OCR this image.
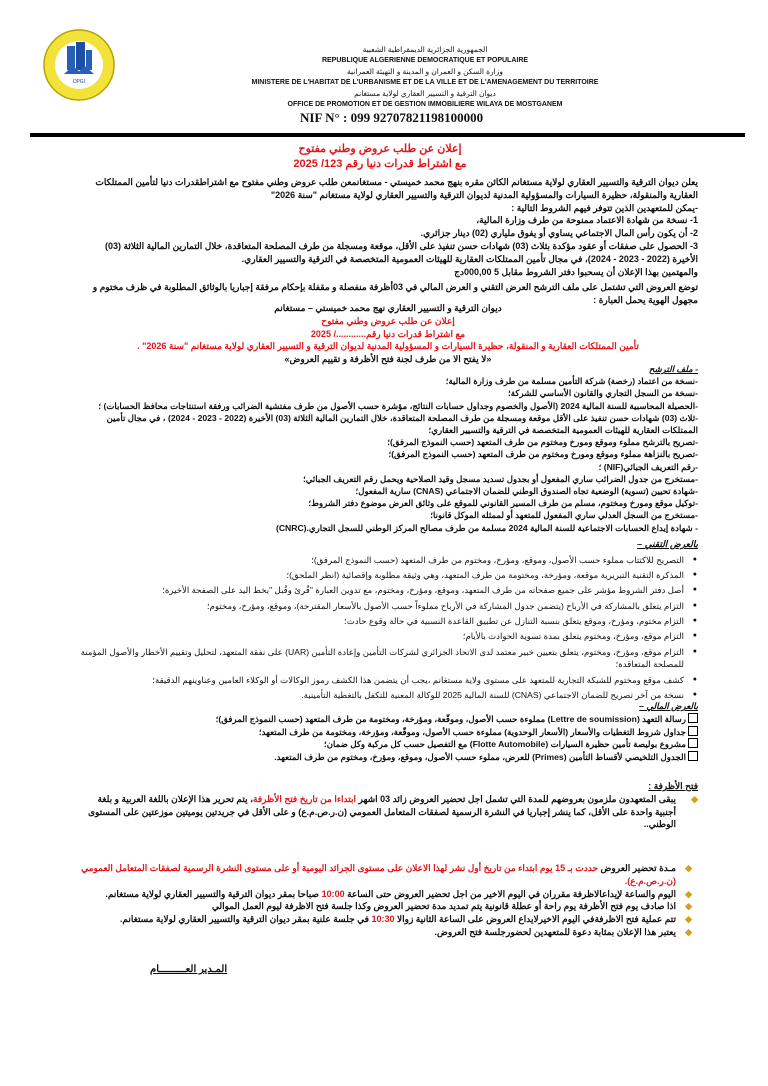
OPGI
الجمهورية الجزائرية الديمقراطية الشعبية
REPUBLIQUE ALGERIENNE DEMOCRATIQUE ET POPULAIRE
وزارة السكن و العمران و المدينة و التهيئة العمرانية
MINISTERE DE L'HABITAT DE L'URBANISME ET DE LA VILLE ET DE L'AMENAGEMENT DU TERRITOIRE
ديوان الترقية و التسيير العقاري لولاية مستغانم
OFFICE DE PROMOTION ET DE GESTION IMMOBILIERE WILAYA DE MOSTGANEM
NIF N° : 099 92707821198100000
إعلان عن طلب عروض وطني مفتوح
مع اشتراط قدرات دنيا رقم 123/ 2025

يعلن ديوان الترقية والتسيير العقاري لولاية مستغانم الكائن مقره بنهج محمد خميستي - مستغانمعن طلب عروض وطني مفتوح مع اشتراطقدرات دنيا لتأمين الممتلكات العقارية والمنقولة، حظيرة السيارات والمسؤولية المدنية لديوان الترقية والتسيير العقاري لولاية مستغانم "سنة 2026"

-يمكن للمتعهدين الذين تتوفر فيهم الشروط التالية :

1- نسخة من شهادة الاعتماد ممنوحة من طرف وزارة المالية،

2- أن يكون رأس المال الاجتماعي يساوي أو يفوق ملياري (02) دينار جزائري.

3- الحصول على صفقات أو عقود مؤكدة بثلاث (03) شهادات حسن تنفيذ على الأقل، موقعة ومسجلة من طرف المصلحة المتعاقدة، خلال التمارين المالية الثلاثة (03) الأخيرة (2022 - 2023 - 2024)، في مجال تأمين الممتلكات العقارية للهيئات العمومية المتخصصة في الترقية والتسيير العقاري.

والمهتمين بهذا الإعلان أن يسحبوا دفتر الشروط مقابل 5 000,00دج

توضع العروض التي تشتمل على ملف الترشح العرض التقني و العرض المالي في 03أظرفة منفصلة و مقفلة بإحكام مرفقة إجباريا بالوثائق المطلوبة في ظرف مختوم و مجهول الهوية يحمل العبارة :

ديوان الترقية و التسيير العقاري نهج محمد خميستي – مستغانم

إعلان عن طلب عروض وطني مفتوح

مع اشتراط قدرات دنيا رقم............/ 2025

تأمين الممتلكات العقارية و المنقولة، حظيرة السيارات و المسؤولية المدنية لديوان الترقية و التسيير العقاري لولاية مستغانم "سنة 2026" .

«لا يفتح الا من طرف لجنة فتح الأظرفة و تقييم العروض»

- ملف الترشح

-نسخة من اعتماد (رخصة) شركة التأمين مسلمة من طرف وزارة المالية؛

-نسخة من السجل التجاري والقانون الأساسي للشركة؛

-الحصيلة المحاسبية للسنة المالية 2024 (الأصول والخصوم وجداول حسابات النتائج، مؤشرة حسب الأصول من طرف مفتشية الضرائب ورفقة استنتاجات محافظ الحسابات) ؛

-ثلاث (03) شهادات حسن تنفيذ على الأقل موقعة ومسجلة من طرف المصلحة المتعاقدة، خلال التمارين المالية الثلاثة (03) الأخيرة (2022 - 2023 - 2024) ، في مجال تأمين الممتلكات العقارية للهيئات العمومية المتخصصة في الترقية والتسيير العقاري؛

-تصريح بالترشح مملوء وموقع ومورخ ومختوم من طرف المتعهد (حسب النموذج المرفق)؛

-تصريح بالنزاهة مملوء وموقع ومورخ ومختوم من طرف المتعهد (حسب النموذج المرفق)؛

-رقم التعريف الجبائي(NIF) ؛

-مستخرج من جدول الضرائب ساري المفعول أو بجدول تسديد مسجل وقيد الصلاحية ويحمل رقم التعريف الجبائي؛

-شهادة تحيين (تسوية) الوضعية تجاه الصندوق الوطني للضمان الاجتماعي (CNAS) سارية المفعول؛

-توكيل موقع ومورخ ومختوم، مسلم من طرف المسير القانوني للموقع على وثائق العرض موضوع دفتر الشروط؛

-مستخرج من السجل العدلي ساري المفعول للمتعهد أو لممثله الموكل قانونا؛

- شهادة إيداع الحسابات الاجتماعية للسنة المالية 2024 مسلمة من طرف مصالح المركز الوطني للسجل التجاري.(CNRC)

بالعرض التقني –

● التصريح للاكتتاب مملوء حسب الأصول، وموقع، ومؤرخ، ومختوم من طرف المتعهد (حسب النموذج المرفق)؛
● المذكرة التقنية التبريرية موقعة، ومؤرخة، ومختومة من طرف المتعهد، وهي وثيقة مطلوبة وإقصائية (انظر الملحق)؛
● أصل دفتر الشروط مؤشر على جميع صفحاته من طرف المتعهد، وموقع، ومؤرخ، ومختوم، مع تدوين العبارة "قُرئ وقُبل "بخط اليد على الصفحة الأخيرة؛
● التزام يتعلق بالمشاركة في الأرباح (يتضمن جدول المشاركة في الأرباح مملوءاً حسب الأصول بالأسعار المقترحة)، وموقع، ومؤرخ، ومختوم؛
● التزام مختوم، ومؤرخ، وموقع يتعلق بنسبة التنازل عن تطبيق القاعدة النسبية في حالة وقوع حادث؛
● التزام موقع، ومؤرخ، ومختوم يتعلق بمدة تسوية الحوادث بالأيام؛
● التزام موقع، ومؤرخ، ومختوم، يتعلق بتعيين خبير معتمد لدى الاتحاد الجزائري لشركات التأمين وإعادة التأمين (UAR) على نفقة المتعهد، لتحليل وتقييم الأخطار والأصول المؤمنة للمصلحة المتعاقدة؛
● كشف موقع ومختوم للشبكة التجارية للمتعهد على مستوى ولاية مستغانم ،يجب أن يتضمن هذا الكشف رموز الوكالات أو الوكلاء العامين وعناوينهم الدقيقة؛
● نسخة من آخر تصريح للضمان الاجتماعي (CNAS) للسنة المالية 2025 للوكالة المعنية للتكفل بالتغطية التأمينية.

بالعرض المالي –

رسالة التعهد (Lettre de soumission) مملوءة حسب الأصول، وموقّعة، ومؤرخة، ومختومة من طرف المتعهد (حسب النموذج المرفق)؛

جداول شروط التغطيات والأسعار (الأسعار الوحدوية) مملوءة حسب الأصول، وموقّعة، ومؤرخة، ومختومة من طرف المتعهد؛

مشروع بوليصة تأمين حظيرة السيارات (Flotte Automobile) مع التفصيل حسب كل مركبة وكل ضمان؛

الجدول التلخيصي لأقساط التأمين (Primes) للعرض، مملوء حسب الأصول، وموقع، ومؤرخ، ومختوم من طرف المتعهد.

فتح الأظرفة :

◆
يبقى المتعهدون ملزمون بعروضهم للمدة التي تشمل اجل تحضير العروض زائد 03 اشهر ابتداءا من تاريخ فتح الأظرفة، يتم تحرير هذا الإعلان باللغة العربية و بلغة أجنبية واحدة على الأقل، كما ينشر إجباريا في النشرة الرسمية لصفقات المتعامل العمومي (ن.ر.ص.م.ع) و على الأقل في جريدتين يوميتين موزعتين على المستوى الوطني..

◆
مـدة تحضير العروض حددت بـ 15 يوم ابتداء من تاريخ أول نشر لهذا الاعلان على مستوى الجرائد اليومية أو على مستوى النشرة الرسمية لصفقات المتعامل العمومي (ن.ر.ص.م.ع).

◆
اليوم والساعة لإيداعالاظرفة مقرران في اليوم الاخير من اجل تحضير العروض حتى الساعة 10:00 صباحا بمقر ديوان الترقية والتسيير العقاري لولاية مستغانم.

◆
اذا صادف يوم فتح الأظرفة يوم راحة أو عطلة قانونية يتم تمديد مدة تحضير العروض وكذا جلسة فتح الاظرفة ليوم العمل الموالي

◆
تتم عملية فتح الاظرفةفي اليوم الاخيرلايداع العروض على الساعة الثانية زوالا 10:30 في جلسة علنية بمقر ديوان الترقية والتسيير العقاري لولاية مستغانم.

◆
يعتبر هذا الإعلان بمثابة دعوة للمتعهدين لحضورجلسة فتح العروض.

المـدير العـــــــــام
